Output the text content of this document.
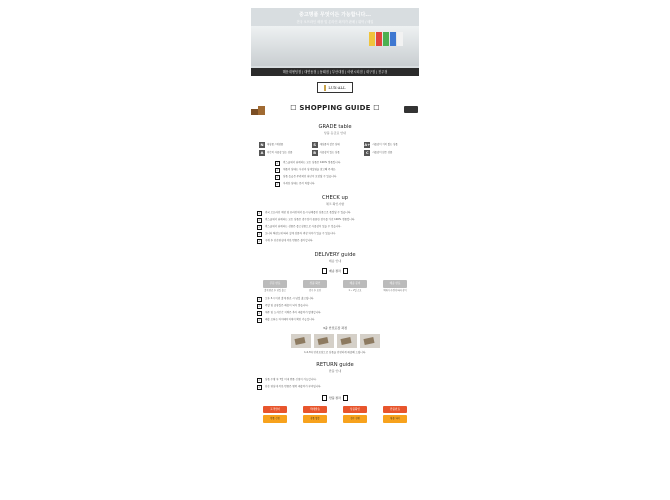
중고명품 무엇이든 가능합니다...
전국 오프라인 매장 및 온라인 최저가 판매 / 위탁 / 매입
해운대센텀점 | 대연동점 | 동래점 | 부산대점 | 마린시티점 | 대구점 | 진주점
LUX-ALL
☐ SHOPPING GUIDE ☐
GRADE table
상품 등급표 안내
N	새상품 / 매장품	S	새상품과 같은 상태	A+ 사용감이 거의 없는 상품
A	약간의 사용감 있는 상품	B	사용감이 있는 상품	C	사용감이 많은 상품
✓	럭스올에서 판매하는 모든 상품은 100% 정품입니다.
✓	제품의 상태는 사진과 상세설명을 참고해 주세요.
✓	상품 등급은 주관적인 판단이 포함될 수 있습니다.
✓	자세한 상태는 문의 바랍니다.
CHECK up
체크 확인사항
✓	전국 오프라인 매장 및 온라인에서 동시 판매중인 상품으로 품절될 수 있습니다.
✓	럭스올에서 판매되는 모든 상품은 검수팀의 꼼꼼한 검수를 거친 100% 정품입니다.
✓	럭스올에서 판매되는 상품은 중고상품으로 사용감이 있을 수 있습니다.
✓	모니터 해상도에 따라 실제 상품과 색상 차이가 있을 수 있습니다.
✓	구매 후 단순변심에 의한 반품은 불가합니다.
DELIVERY guide
배송 안내
배송 절차
주문 완료
결제 완료 후 당일 출고
상품 확인
검수 후 포장
배송 준비
1 ~ 2일 소요
배송 완료
택배사 사정에 따라 상이
✓	오후 3시 이전 결제 완료 시 당일 출고됩니다.
✓	주말 및 공휴일은 배송이 되지 않습니다.
✓	제주 및 도서산간 지역은 추가 배송비가 발생합니다.
✓	배송 조회는 마이페이지에서 확인 가능합니다.
3중 안전포장 과정
1,2,3차 안전포장으로 상품을 안전하게 배송해 드립니다.
RETURN guide
반품 안내
✓	상품 수령 후 7일 이내 반품 신청이 가능합니다.
✓	단순 변심에 의한 반품은 왕복 배송비가 부과됩니다.
반품 절차
고객센터
반품 신청
택배발송
상품 발송
상품확인
검수 진행
반품완료
환불 처리
